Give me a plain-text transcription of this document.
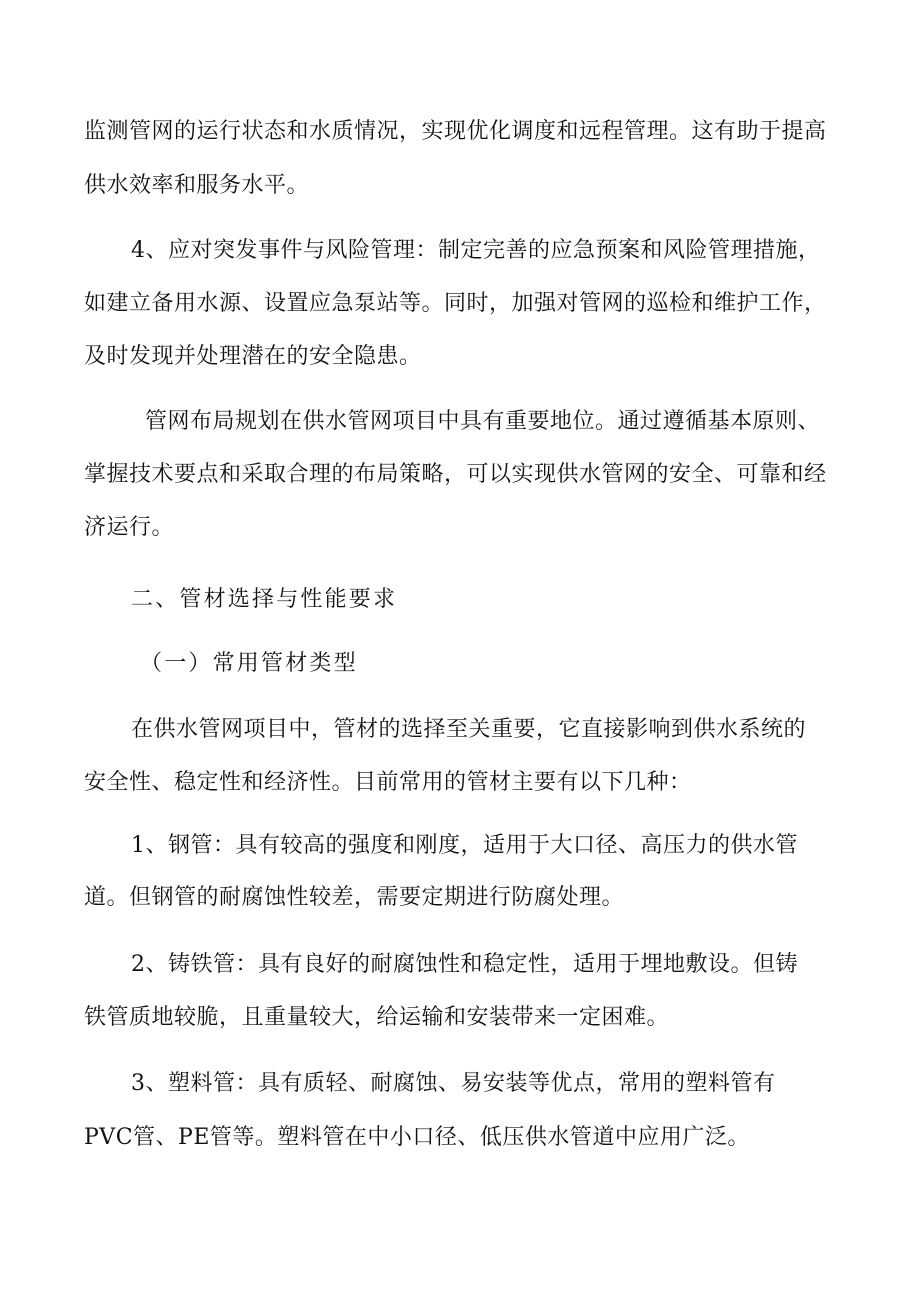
监测管网的运行状态和水质情况，实现优化调度和远程管理。这有助于提高
供水效率和服务水平。
4、应对突发事件与风险管理：制定完善的应急预案和风险管理措施，
如建立备用水源、设置应急泵站等。同时，加强对管网的巡检和维护工作，
及时发现并处理潜在的安全隐患。
管网布局规划在供水管网项目中具有重要地位。通过遵循基本原则、
掌握技术要点和采取合理的布局策略，可以实现供水管网的安全、可靠和经
济运行。
二、管材选择与性能要求
（一）常用管材类型
在供水管网项目中，管材的选择至关重要，它直接影响到供水系统的
安全性、稳定性和经济性。目前常用的管材主要有以下几种：
1、钢管：具有较高的强度和刚度，适用于大口径、高压力的供水管
道。但钢管的耐腐蚀性较差，需要定期进行防腐处理。
2、铸铁管：具有良好的耐腐蚀性和稳定性，适用于埋地敷设。但铸
铁管质地较脆，且重量较大，给运输和安装带来一定困难。
3、塑料管：具有质轻、耐腐蚀、易安装等优点，常用的塑料管有
PVC管、PE管等。塑料管在中小口径、低压供水管道中应用广泛。
